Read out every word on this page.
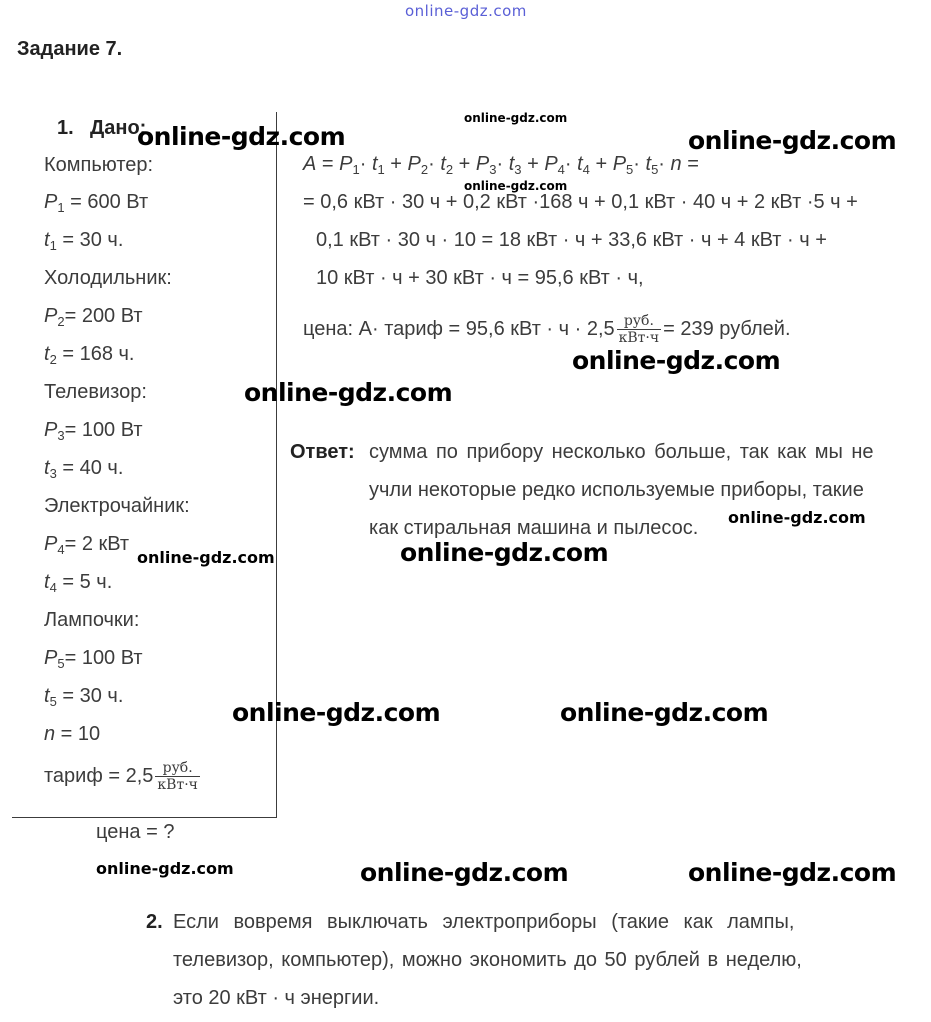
online-gdz.com
Задание 7.
1. Дано:
Компьютер:
$P_1 = 600$ Вт
$t_1 = 30$ ч.
Холодильник:
$P_2= 200$ Вт
$t_2 = 168$ ч.
Телевизор:
$P_3= 100$ Вт
$t_3 = 40$ ч.
Электрочайник:
$P_4= 2$ кВт
$t_4 = 5$ ч.
Лампочки:
$P_5= 100$ Вт
$t_5 = 30$ ч.
n = 10
тариф = $2,5 \frac{\text{руб.}}{\text{кВт·ч}}$
цена = ?
$A = P_1\cdot t_1 + P_2\cdot t_2 + P_3\cdot t_3 + P_4\cdot t_4 + P_5\cdot t_5\cdot n$ =
= 0,6 кВт · 30 ч + 0,2 кВт ·168 ч + 0,1 кВт · 40 ч + 2 кВт ·5 ч +
0,1 кВт · 30 ч · 10 = 18 кВт · ч + 33,6 кВт · ч + 4 кВт · ч +
10 кВт · ч + 30 кВт · ч = 95,6 кВт · ч,
цена: А· тариф = 95,6 кВт · $ч \cdot 2,5 \frac{\text{руб.}}{\text{кВт·ч}} = 239$ рублей.
Ответ: сумма по прибору несколько больше, так как мы не
учли некоторые редко используемые приборы, такие
как стиральная машина и пылесос.
2. Если вовремя выключать электроприборы (такие как лампы,
телевизор, компьютер), можно экономить до 50 рублей в неделю,
это 20 кВт · ч энергии.
online-gdz.com
online-gdz.com
online-gdz.com
online-gdz.com
online-gdz.com
online-gdz.com
online-gdz.com
online-gdz.com
online-gdz.com
online-gdz.com	online-gdz.com
online-gdz.com	online-gdz.com	online-gdz.com
